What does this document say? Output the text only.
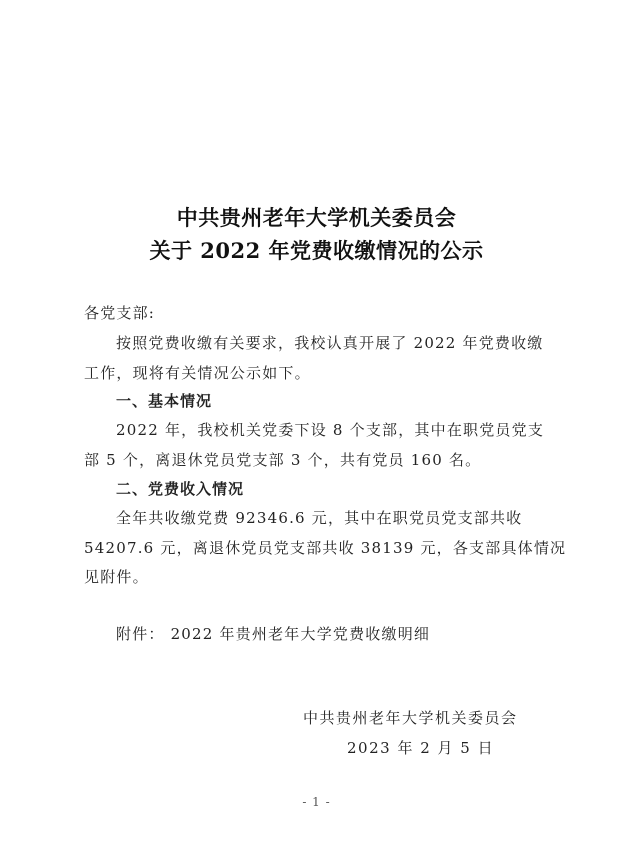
中共贵州老年大学机关委员会
关于 2022 年党费收缴情况的公示
各党支部:
按照党费收缴有关要求，我校认真开展了 2022 年党费收缴
工作，现将有关情况公示如下。
一、基本情况
2022 年，我校机关党委下设 8 个支部，其中在职党员党支
部 5 个，离退休党员党支部 3 个，共有党员 160 名。
二、党费收入情况
全年共收缴党费 92346.6 元，其中在职党员党支部共收
54207.6 元，离退休党员党支部共收 38139 元，各支部具体情况
见附件。
附件： 2022 年贵州老年大学党费收缴明细
中共贵州老年大学机关委员会
2023 年 2 月 5 日
- 1 -
